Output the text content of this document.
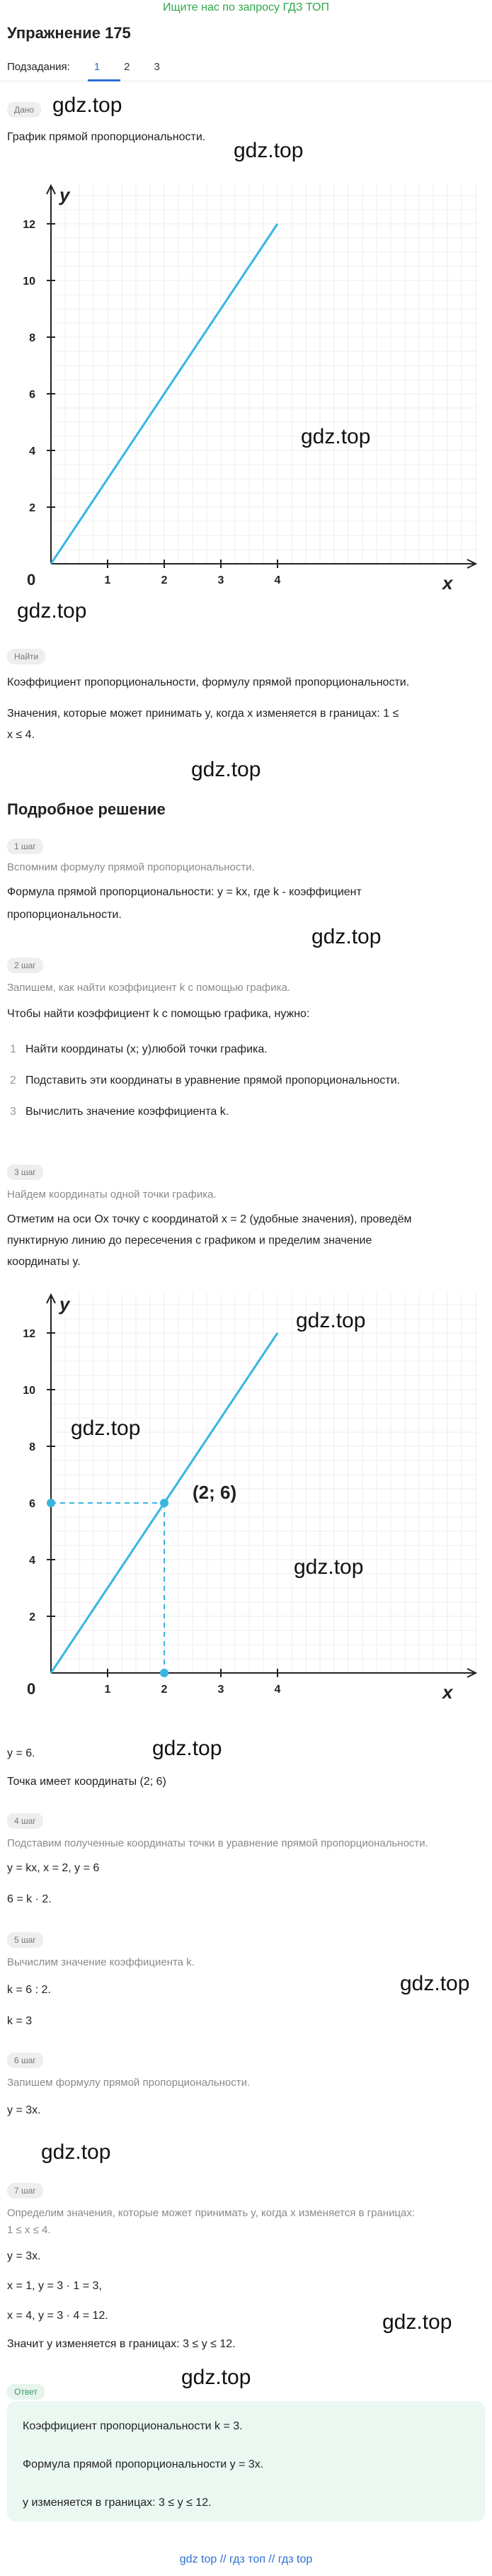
Ищите нас по запросу ГДЗ ТОП
Упражнение 175
Подзадания: 1 2 3
Дано gdz.top
График прямой пропорциональности.
gdz.top
x
y
0	1	2	3	4
2
4
6
8
10
12
gdz.top
gdz.top
Найти
Коэффициент пропорциональности, формулу прямой пропорциональности.
Значения, которые может принимать y, когда x изменяется в границах: 1 ≤
x ≤ 4.
gdz.top
Подробное решение
1 шаг
Вспомним формулу прямой пропорциональности.
Формула прямой пропорциональности: y = kx, где k - коэффициент
пропорциональности.
gdz.top
2 шаг
Запишем, как найти коэффициент k с помощью графика.
Чтобы найти коэффициент k с помощью графика, нужно:
1 Найти координаты (x; y)любой точки графика.
2 Подставить эти координаты в уравнение прямой пропорциональности.
3 Вычислить значение коэффициента k.
3 шаг
Найдем координаты одной точки графика.
Отметим на оси Ox точку с координатой x = 2 (удобные значения), проведём
пунктирную линию до пересечения с графиком и пределим значение
координаты y.
x
y
0	1	2	3	4
2
4
6
8
10
12
(2; 6)
gdz.top
gdz.top
gdz.top
y = 6.	gdz.top
Точка имеет координаты (2; 6)
4 шаг
Подставим полученные координаты точки в уравнение прямой пропорциональности.
y = kx, x = 2, y = 6
6 = k · 2.
5 шаг
Вычислим значение коэффициента k.
k = 6 : 2.	gdz.top
k = 3
6 шаг
Запишем формулу прямой пропорциональности.
y = 3x.
gdz.top
7 шаг
Определим значения, которые может принимать y, когда x изменяется в границах:
1 ≤ x ≤ 4.
y = 3x.
x = 1, y = 3 · 1 = 3,
x = 4, y = 3 · 4 = 12.	gdz.top
Значит y изменяется в границах: 3 ≤ y ≤ 12.
gdz.top
Ответ
Коэффициент пропорциональности k = 3.
Формула прямой пропорциональности y = 3x.
y изменяется в границах: 3 ≤ y ≤ 12.
gdz top // гдз топ // гдз top
